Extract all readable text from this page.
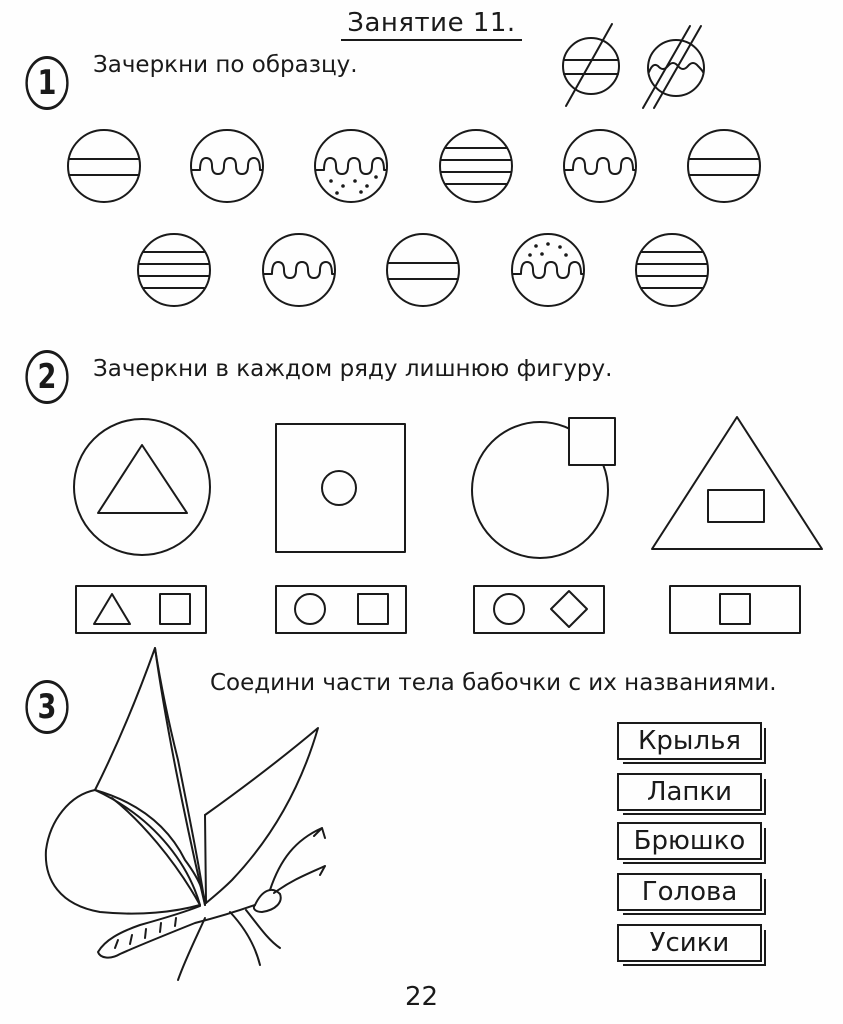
Занятие 11.
1	Зачеркни по образцу.
2	Зачеркни в каждом ряду лишнюю фигуру.
3
Соедини части тела бабочки с их названиями.
Крылья
Лапки
Брюшко
Голова
Усики
22
